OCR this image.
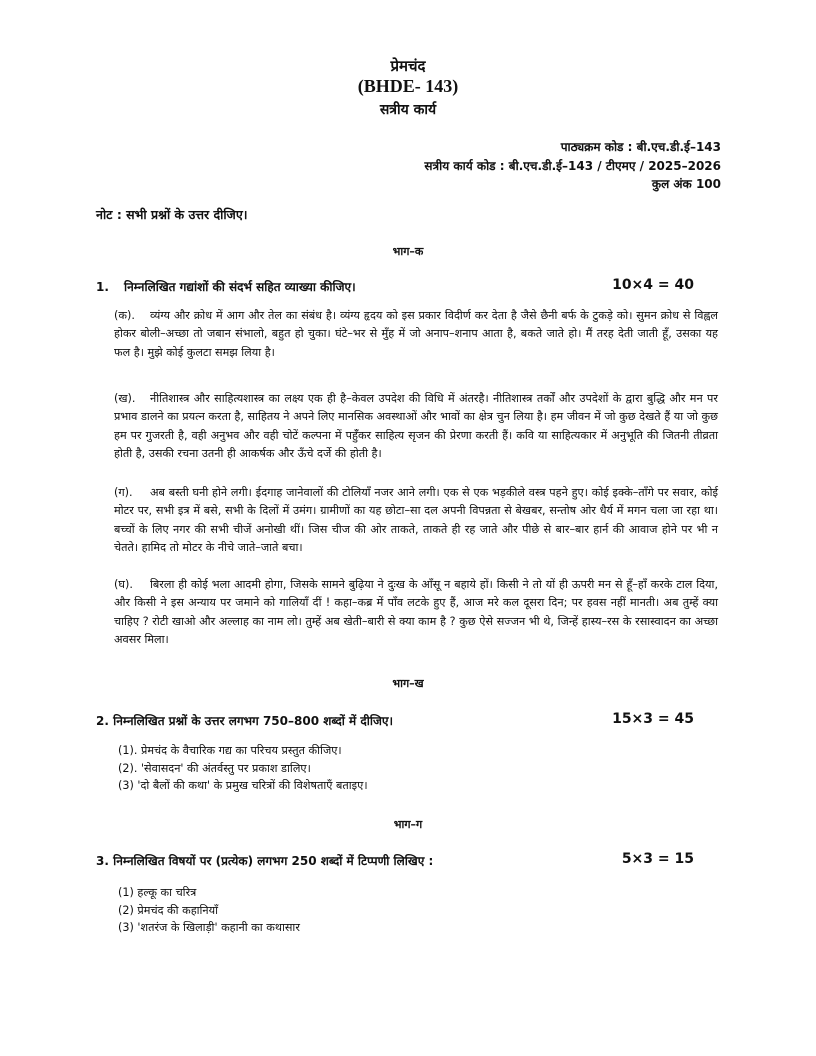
प्रेमचंद
(BHDE- 143)
सत्रीय कार्य
पाठ्यक्रम कोड : बी.एच.डी.ई–143
सत्रीय कार्य कोड : बी.एच.डी.ई–143 / टीएमए / 2025–2026
कुल अंक 100
नोट : सभी प्रश्नों के उत्तर दीजिए।
भाग–क
1. निम्नलिखित गद्यांशों की संदर्भ सहित व्याख्या कीजिए।	10×4 = 40
(क). व्यंग्य और क्रोध में आग और तेल का संबंध है। व्यंग्य हृदय को इस प्रकार विदीर्ण कर देता है जैसे छैनी बर्फ के टुकड़े को। सुमन क्रोध से विह्वल होकर बोली–अच्छा तो जबान संभालो, बहुत हो चुका। घंटे–भर से मुँह में जो अनाप–शनाप आता है, बकते जाते हो। मैं तरह देती जाती हूँ, उसका यह फल है। मुझे कोई कुलटा समझ लिया है।
(ख). नीतिशास्त्र और साहित्यशास्त्र का लक्ष्य एक ही है–केवल उपदेश की विधि में अंतरहै। नीतिशास्त्र तर्कों और उपदेशों के द्वारा बुद्धि और मन पर प्रभाव डालने का प्रयत्न करता है, साहितय ने अपने लिए मानसिक अवस्थाओं और भावों का क्षेत्र चुन लिया है। हम जीवन में जो कुछ देखते हैं या जो कुछ हम पर गुजरती है, वही अनुभव और वही चोटें कल्पना में पहुँँकर साहित्य सृजन की प्रेरणा करती हैं। कवि या साहित्यकार में अनुभूति की जितनी तीव्रता होती है, उसकी रचना उतनी ही आकर्षक और ऊँचे दर्जे की होती है।
(ग). अब बस्ती घनी होने लगी। ईदगाह जानेवालों की टोलियाँ नजर आने लगी। एक से एक भड़कीले वस्त्र पहने हुए। कोई इक्के–ताँगे पर सवार, कोई मोटर पर, सभी इत्र में बसे, सभी के दिलों में उमंग। ग्रामीणों का यह छोटा–सा दल अपनी विपन्नता से बेखबर, सन्तोष ओर धैर्य में मगन चला जा रहा था। बच्चों के लिए नगर की सभी चीजें अनोखी थीं। जिस चीज की ओर ताकते, ताकते ही रह जाते और पीछे से बार–बार हार्न की आवाज होने पर भी न चेतते। हामिद तो मोटर के नीचे जाते–जाते बचा।
(घ). बिरला ही कोई भला आदमी होगा, जिसके सामने बुढ़िया ने दुःख के आँसू न बहाये हों। किसी ने तो यों ही ऊपरी मन से हूँ–हाँ करके टाल दिया, और किसी ने इस अन्याय पर जमाने को गालियाँ दीं ! कहा–कब्र में पाँव लटके हुए हैं, आज मरे कल दूसरा दिन; पर हवस नहीं मानती। अब तुम्हें क्या चाहिए ? रोटी खाओ और अल्लाह का नाम लो। तुम्हें अब खेती–बारी से क्या काम है ? कुछ ऐसे सज्जन भी थे, जिन्हें हास्य–रस के रसास्वादन का अच्छा अवसर मिला।
भाग–ख
2. निम्नलिखित प्रश्नों के उत्तर लगभग 750–800 शब्दों में दीजिए।	15×3 = 45
(1). प्रेमचंद के वैचारिक गद्य का परिचय प्रस्तुत कीजिए।
(2). 'सेवासदन' की अंतर्वस्तु पर प्रकाश डालिए।
(3) 'दो बैलों की कथा' के प्रमुख चरित्रों की विशेषताएँ बताइए।
भाग–ग
3. निम्नलिखित विषयों पर (प्रत्येक) लगभग 250 शब्दों में टिप्पणी लिखिए :	5×3 = 15
(1) हल्कू का चरित्र
(2) प्रेमचंद की कहानियाँ
(3) 'शतरंज के खिलाड़ी' कहानी का कथासार
